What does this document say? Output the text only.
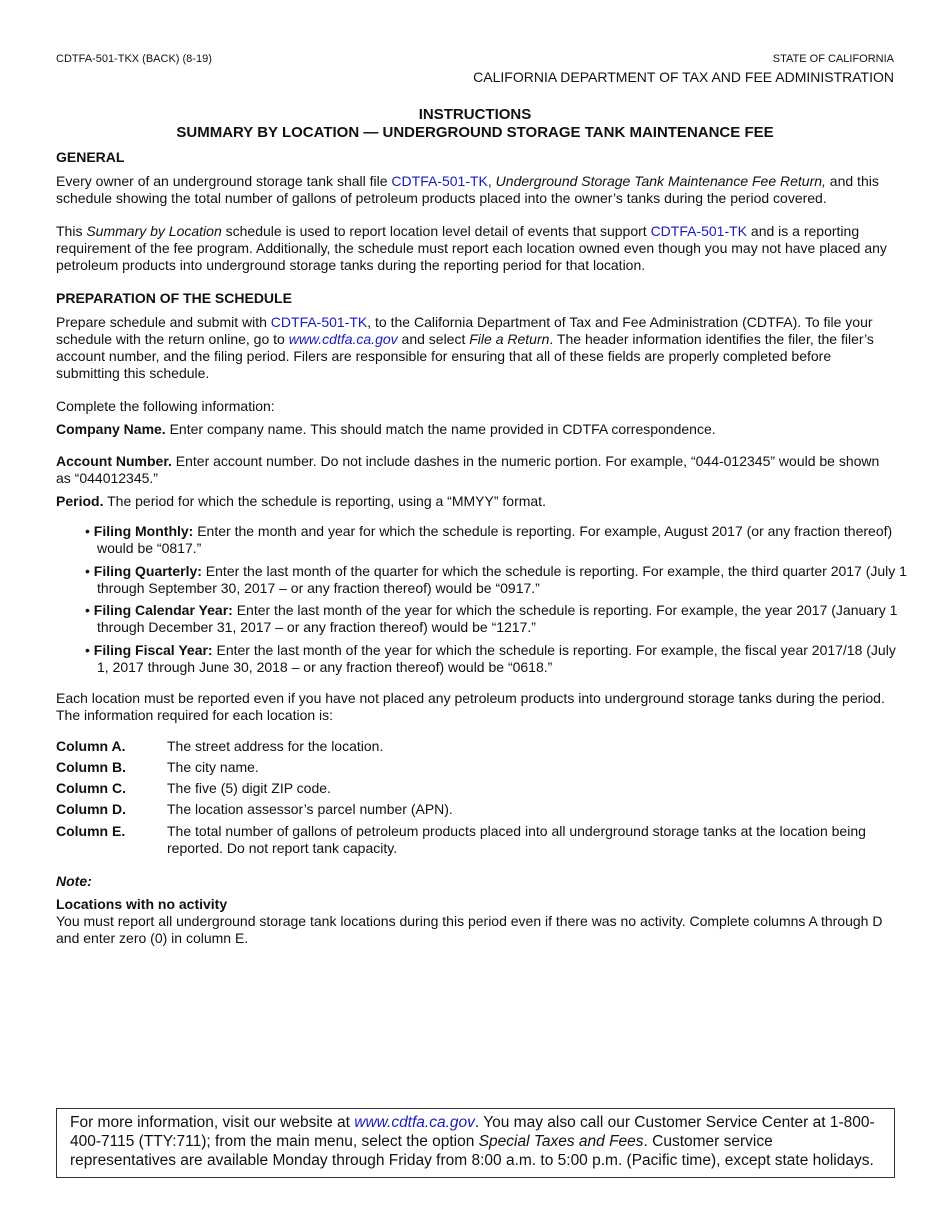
CDTFA-501-TKX (BACK) (8-19)	STATE OF CALIFORNIA
CALIFORNIA DEPARTMENT OF TAX AND FEE ADMINISTRATION
INSTRUCTIONS
SUMMARY BY LOCATION — UNDERGROUND STORAGE TANK MAINTENANCE FEE
GENERAL

Every owner of an underground storage tank shall file CDTFA-501-TK, Underground Storage Tank Maintenance Fee Return, and this schedule showing the total number of gallons of petroleum products placed into the owner’s tanks during the period covered.

This Summary by Location schedule is used to report location level detail of events that support CDTFA-501-TK and is a reporting requirement of the fee program. Additionally, the schedule must report each location owned even though you may not have placed any petroleum products into underground storage tanks during the reporting period for that location.

PREPARATION OF THE SCHEDULE

Prepare schedule and submit with CDTFA-501-TK, to the California Department of Tax and Fee Administration (CDTFA). To file your schedule with the return online, go to www.cdtfa.ca.gov and select File a Return. The header information identifies the filer, the filer’s account number, and the filing period. Filers are responsible for ensuring that all of these fields are properly completed before submitting this schedule.

Complete the following information:

Company Name. Enter company name. This should match the name provided in CDTFA correspondence.

Account Number. Enter account number. Do not include dashes in the numeric portion. For example, “044-012345” would be shown as “044012345.”

Period. The period for which the schedule is reporting, using a “MMYY” format.

• Filing Monthly: Enter the month and year for which the schedule is reporting. For example, August 2017 (or any fraction thereof) would be “0817.”

• Filing Quarterly: Enter the last month of the quarter for which the schedule is reporting. For example, the third quarter 2017 (July 1 through September 30, 2017 – or any fraction thereof) would be “0917.”

• Filing Calendar Year: Enter the last month of the year for which the schedule is reporting. For example, the year 2017 (January 1 through December 31, 2017 – or any fraction thereof) would be “1217.”

• Filing Fiscal Year: Enter the last month of the year for which the schedule is reporting. For example, the fiscal year 2017/18 (July 1, 2017 through June 30, 2018 – or any fraction thereof) would be “0618.”

Each location must be reported even if you have not placed any petroleum products into underground storage tanks during the period. The information required for each location is:

Column A.	The street address for the location.
Column B.	The city name.
Column C.	The five (5) digit ZIP code.
Column D.	The location assessor’s parcel number (APN).
Column E.	The total number of gallons of petroleum products placed into all underground storage tanks at the location being reported. Do not report tank capacity.
Note:
Locations with no activity

You must report all underground storage tank locations during this period even if there was no activity. Complete columns A through D and enter zero (0) in column E.

For more information, visit our website at www.cdtfa.ca.gov. You may also call our Customer Service Center at 1-800-400-7115 (TTY:711); from the main menu, select the option Special Taxes and Fees. Customer service representatives are available Monday through Friday from 8:00 a.m. to 5:00 p.m. (Pacific time), except state holidays.
